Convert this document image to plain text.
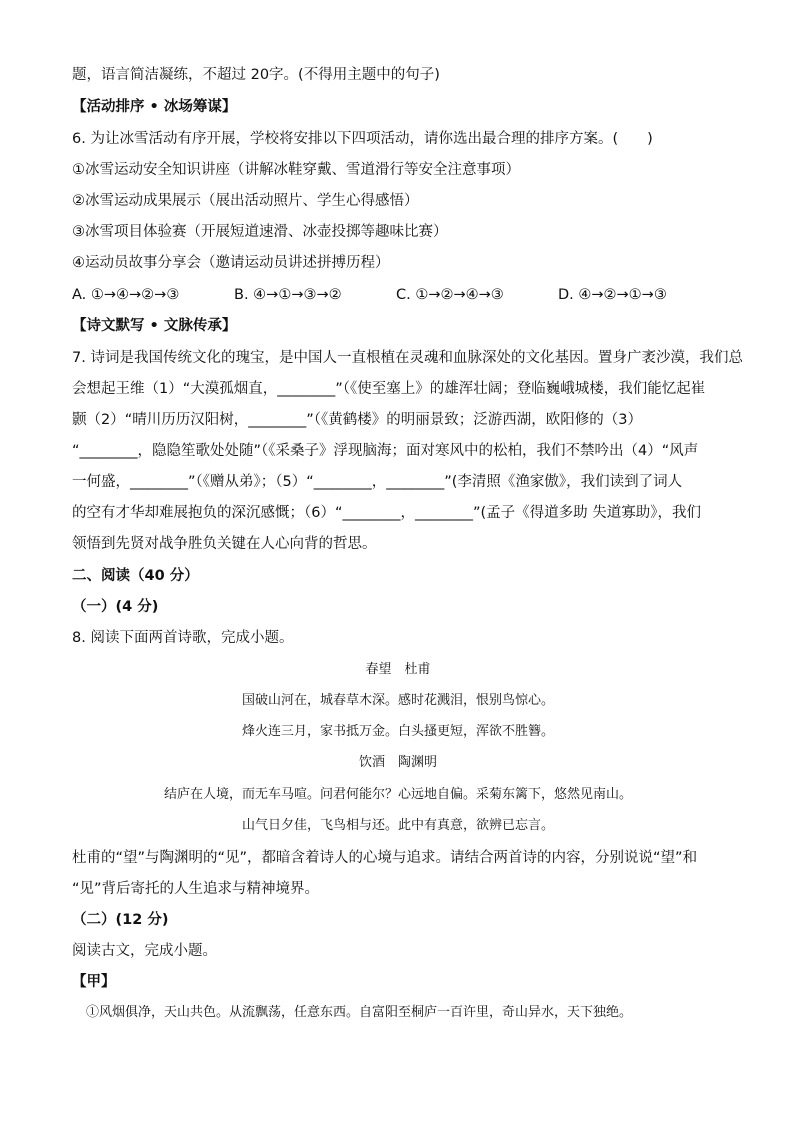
题，语言简洁凝练，不超过 20字。(不得用主题中的句子)
【活动排序 • 冰场筹谋】
6. 为让冰雪活动有序开展，学校将安排以下四项活动，请你选出最合理的排序方案。(　　)
①冰雪运动安全知识讲座（讲解冰鞋穿戴、雪道滑行等安全注意事项）
②冰雪运动成果展示（展出活动照片、学生心得感悟）
③冰雪项目体验赛（开展短道速滑、冰壶投掷等趣味比赛）
④运动员故事分享会（邀请运动员讲述拼搏历程）
A. ①→④→②→③	B. ④→①→③→②	C. ①→②→④→③	D. ④→②→①→③
【诗文默写 • 文脉传承】
7. 诗词是我国传统文化的瑰宝，是中国人一直根植在灵魂和血脉深处的文化基因。置身广袤沙漠，我们总
会想起王维（1）“大漠孤烟直，________”（《使至塞上》的雄浑壮阔；登临巍峨城楼，我们能忆起崔
颢（2）“晴川历历汉阳树，________”（《黄鹤楼》的明丽景致；泛游西湖，欧阳修的（3）
“________，隐隐笙歌处处随”（《采桑子》浮现脑海；面对寒风中的松柏，我们不禁吟出（4）“风声
一何盛，________”（《赠从弟》；（5）“________，________”(李清照《渔家傲》，我们读到了词人
的空有才华却难展抱负的深沉感慨；（6）“________，________”(孟子《得道多助 失道寡助》，我们
领悟到先贤对战争胜负关键在人心向背的哲思。
二、阅读（40 分）
（一）(4 分)
8. 阅读下面两首诗歌，完成小题。
春望　杜甫
国破山河在，城春草木深。感时花溅泪，恨别鸟惊心。
烽火连三月，家书抵万金。白头搔更短，浑欲不胜簪。
饮酒　陶渊明
结庐在人境，而无车马喧。问君何能尔？心远地自偏。采菊东篱下，悠然见南山。
山气日夕佳，飞鸟相与还。此中有真意，欲辨已忘言。
杜甫的“望”与陶渊明的“见”，都暗含着诗人的心境与追求。请结合两首诗的内容，分别说说“望”和
“见”背后寄托的人生追求与精神境界。
（二）(12 分)
阅读古文，完成小题。
【甲】
①风烟俱净，天山共色。从流飘荡，任意东西。自富阳至桐庐一百许里，奇山异水，天下独绝。
